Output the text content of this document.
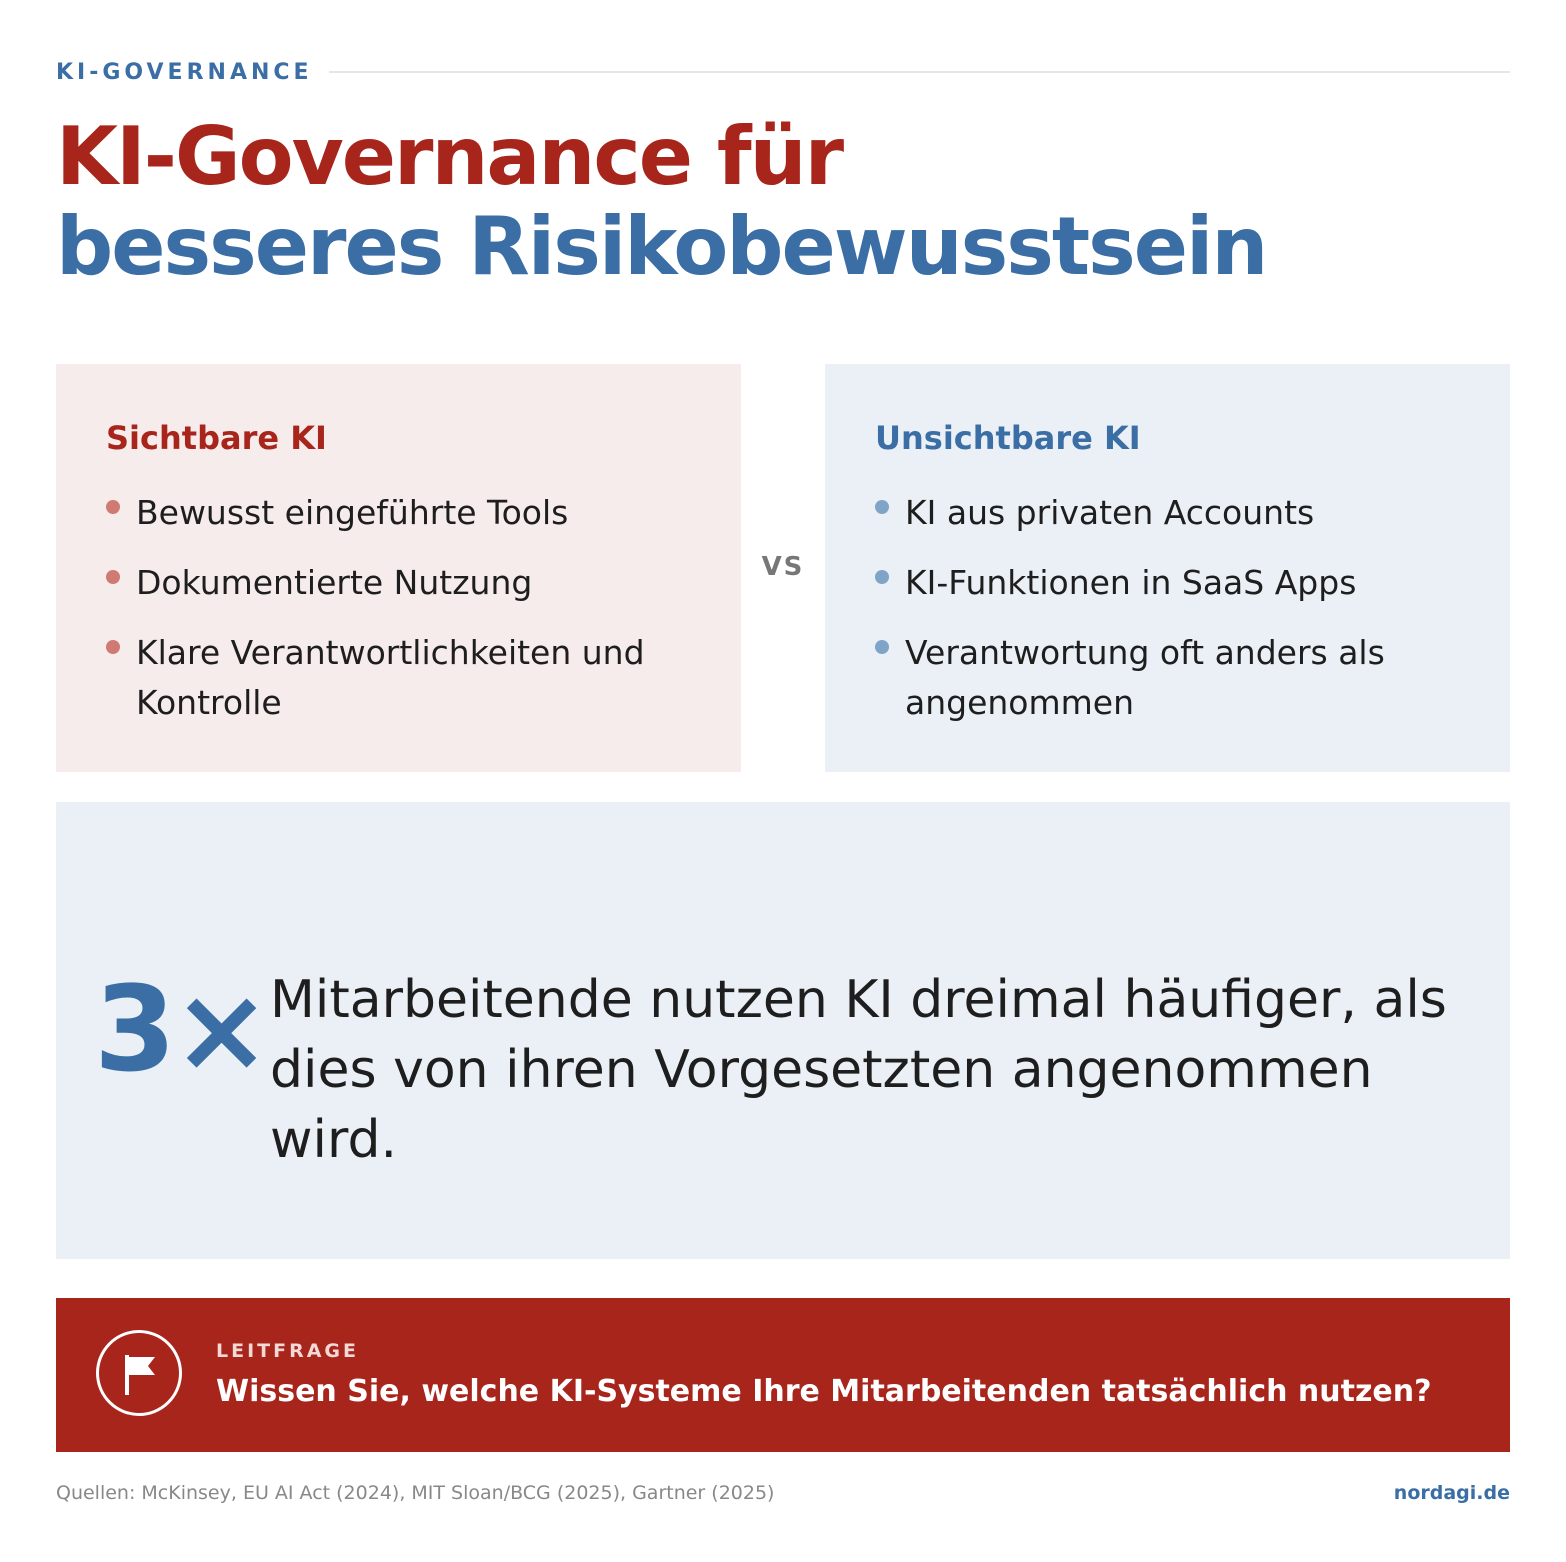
KI-GOVERNANCE
KI-Governance für
besseres Risikobewusstsein
Sichtbare KI
Bewusst eingeführte Tools
Dokumentierte Nutzung
Klare Verantwortlichkeiten und Kontrolle
VS
Unsichtbare KI
KI aus privaten Accounts
KI-Funktionen in SaaS Apps
Verantwortung oft anders als angenommen
3× Mitarbeitende nutzen KI dreimal häufiger, als dies von ihren Vorgesetzten angenommen wird.
LEITFRAGE
Wissen Sie, welche KI-Systeme Ihre Mitarbeitenden tatsächlich nutzen?
Quellen: McKinsey, EU AI Act (2024), MIT Sloan/BCG (2025), Gartner (2025)	nordagi.de
